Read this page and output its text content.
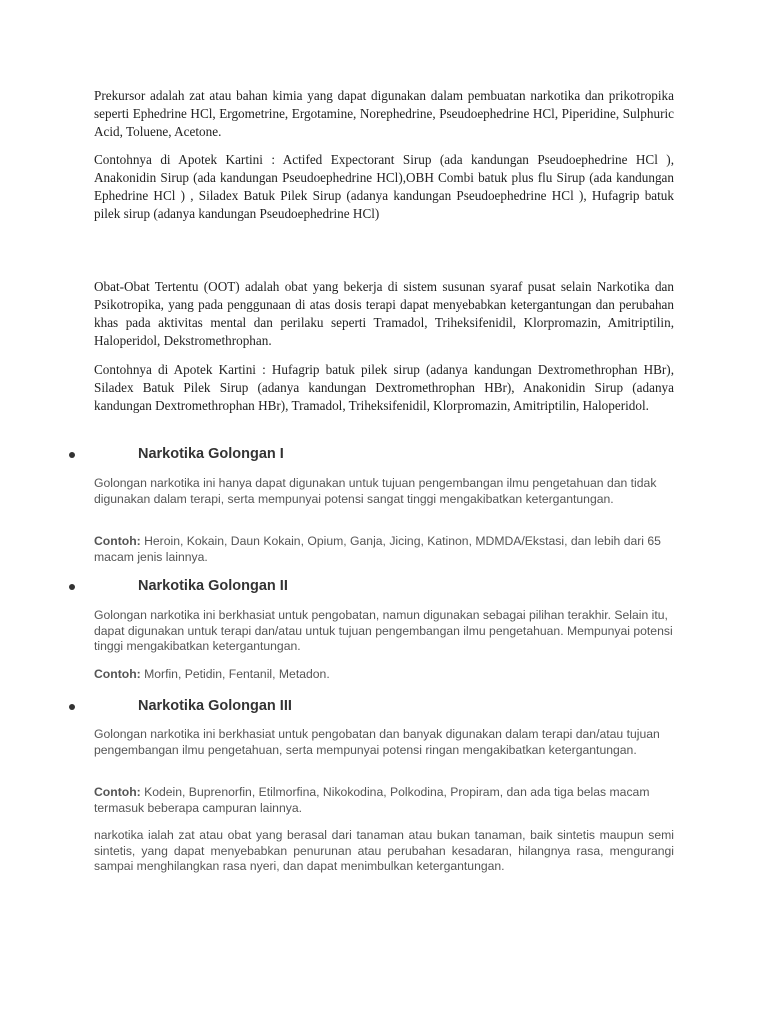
Prekursor adalah zat atau bahan kimia yang dapat digunakan dalam pembuatan narkotika dan prikotropika seperti Ephedrine HCl, Ergometrine, Ergotamine, Norephedrine, Pseudoephedrine HCl, Piperidine, Sulphuric Acid, Toluene, Acetone.

Contohnya di Apotek Kartini : Actifed Expectorant Sirup (ada kandungan Pseudoephedrine HCl ), Anakonidin Sirup (ada kandungan Pseudoephedrine HCl),OBH Combi batuk plus flu Sirup (ada kandungan Ephedrine HCl ) , Siladex Batuk Pilek Sirup (adanya kandungan Pseudoephedrine HCl ), Hufagrip batuk pilek sirup (adanya kandungan Pseudoephedrine HCl)

Obat-Obat Tertentu (OOT) adalah obat yang bekerja di sistem susunan syaraf pusat selain Narkotika dan Psikotropika, yang pada penggunaan di atas dosis terapi dapat menyebabkan ketergantungan dan perubahan khas pada aktivitas mental dan perilaku seperti Tramadol, Triheksifenidil, Klorpromazin, Amitriptilin, Haloperidol, Dekstromethrophan.

Contohnya di Apotek Kartini : Hufagrip batuk pilek sirup (adanya kandungan Dextromethrophan HBr), Siladex Batuk Pilek Sirup (adanya kandungan Dextromethrophan HBr), Anakonidin Sirup (adanya kandungan Dextromethrophan HBr), Tramadol, Triheksifenidil, Klorpromazin, Amitriptilin, Haloperidol.

Narkotika Golongan I

Golongan narkotika ini hanya dapat digunakan untuk tujuan pengembangan ilmu pengetahuan dan tidak digunakan dalam terapi, serta mempunyai potensi sangat tinggi mengakibatkan ketergantungan.

Contoh: Heroin, Kokain, Daun Kokain, Opium, Ganja, Jicing, Katinon, MDMDA/Ekstasi, dan lebih dari 65 macam jenis lainnya.

Narkotika Golongan II

Golongan narkotika ini berkhasiat untuk pengobatan, namun digunakan sebagai pilihan terakhir. Selain itu, dapat digunakan untuk terapi dan/atau untuk tujuan pengembangan ilmu pengetahuan. Mempunyai potensi tinggi mengakibatkan ketergantungan.

Contoh: Morfin, Petidin, Fentanil, Metadon.

Narkotika Golongan III

Golongan narkotika ini berkhasiat untuk pengobatan dan banyak digunakan dalam terapi dan/atau tujuan pengembangan ilmu pengetahuan, serta mempunyai potensi ringan mengakibatkan ketergantungan.

Contoh: Kodein, Buprenorfin, Etilmorfina, Nikokodina, Polkodina, Propiram, dan ada tiga belas macam termasuk beberapa campuran lainnya.

narkotika ialah zat atau obat yang berasal dari tanaman atau bukan tanaman, baik sintetis maupun semi sintetis, yang dapat menyebabkan penurunan atau perubahan kesadaran, hilangnya rasa, mengurangi sampai menghilangkan rasa nyeri, dan dapat menimbulkan ketergantungan.
